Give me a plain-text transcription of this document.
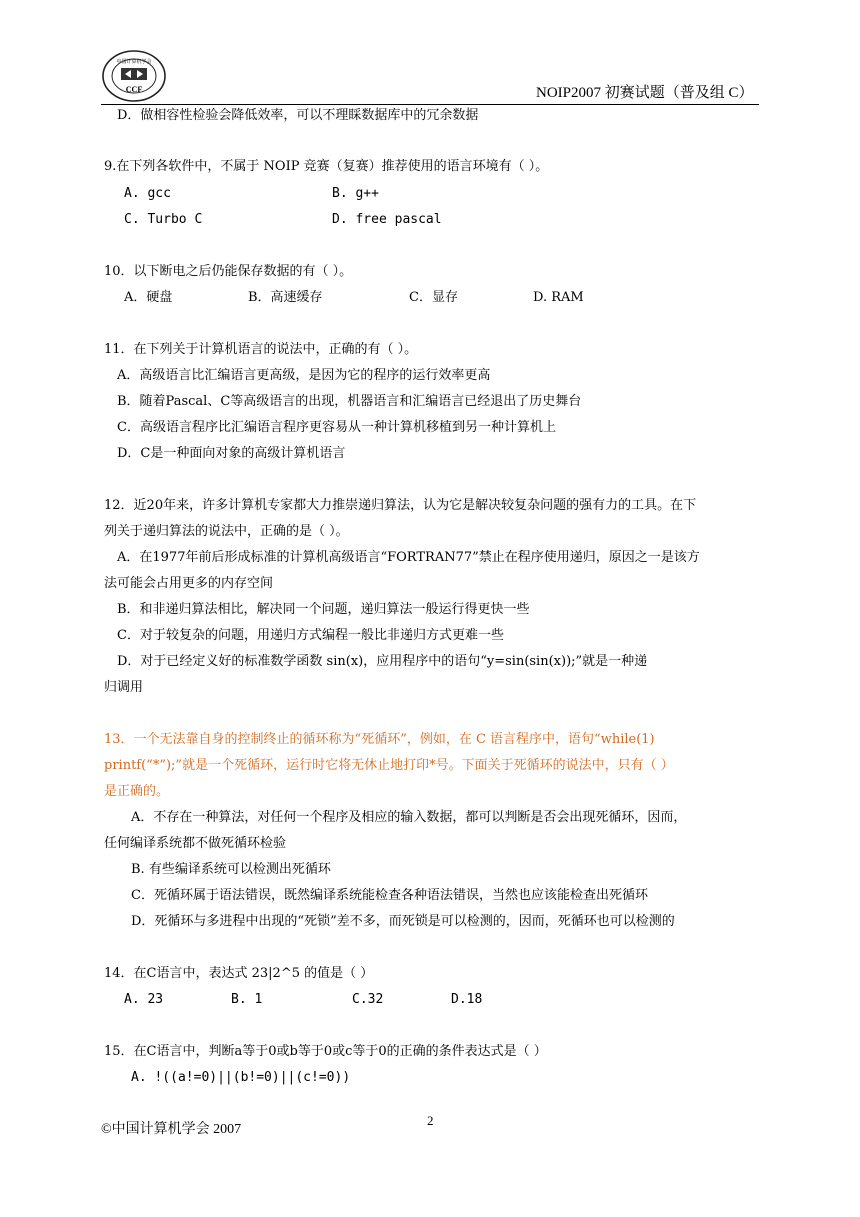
CCF
中国计算机学会
NOIP2007 初赛试题（普及组 C）
D．做相容性检验会降低效率，可以不理睬数据库中的冗余数据
9.在下列各软件中，不属于 NOIP 竞赛（复赛）推荐使用的语言环境有（ ）。
A. gcc	B. g++
C. Turbo C	D. free pascal
10．以下断电之后仍能保存数据的有（ ）。
A．硬盘	B．高速缓存	C．显存	D. RAM
11．在下列关于计算机语言的说法中，正确的有（ ）。
A．高级语言比汇编语言更高级，是因为它的程序的运行效率更高
B．随着Pascal、C等高级语言的出现，机器语言和汇编语言已经退出了历史舞台
C．高级语言程序比汇编语言程序更容易从一种计算机移植到另一种计算机上
D．C是一种面向对象的高级计算机语言
12．近20年来，许多计算机专家都大力推崇递归算法，认为它是解决较复杂问题的强有力的工具。在下
列关于递归算法的说法中，正确的是（ ）。
A．在1977年前后形成标准的计算机高级语言“FORTRAN77”禁止在程序使用递归，原因之一是该方
法可能会占用更多的内存空间
B．和非递归算法相比，解决同一个问题，递归算法一般运行得更快一些
C．对于较复杂的问题，用递归方式编程一般比非递归方式更难一些
D．对于已经定义好的标准数学函数 sin(x)，应用程序中的语句“y=sin(sin(x));”就是一种递
归调用
13．一个无法靠自身的控制终止的循环称为“死循环”，例如，在 C 语言程序中，语句“while(1)
printf(“*”);”就是一个死循环，运行时它将无休止地打印*号。下面关于死循环的说法中，只有（ ）
是正确的。
A．不存在一种算法，对任何一个程序及相应的输入数据，都可以判断是否会出现死循环，因而，
任何编译系统都不做死循环检验
B. 有些编译系统可以检测出死循环
C．死循环属于语法错误，既然编译系统能检查各种语法错误，当然也应该能检查出死循环
D．死循环与多进程中出现的“死锁”差不多，而死锁是可以检测的，因而，死循环也可以检测的
14．在C语言中，表达式 23|2^5 的值是（ ）
A. 23	B. 1	C.32	D.18
15．在C语言中，判断a等于0或b等于0或c等于0的正确的条件表达式是（ ）
A. !((a!=0)||(b!=0)||(c!=0))
2
©中国计算机学会 2007
